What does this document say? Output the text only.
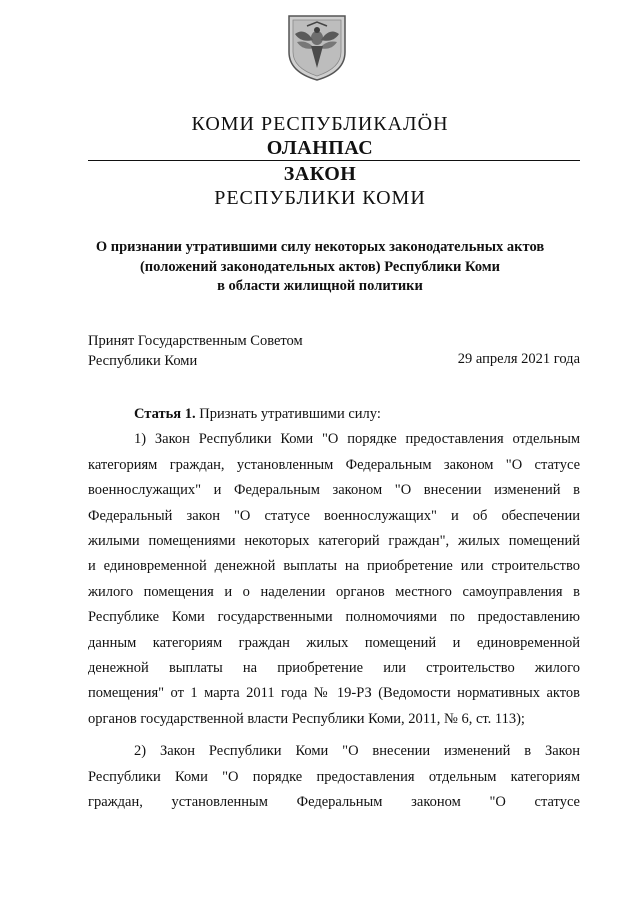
КОМИ РЕСПУБЛИКАЛӦН

ОЛАНПАС

ЗАКОН

РЕСПУБЛИКИ КОМИ

О признании утратившими силу некоторых законодательных актов
(положений законодательных актов) Республики Коми
в области жилищной политики
Принят Государственным Советом
Республики Коми	29 апреля 2021 года

Статья 1. Признать утратившими силу:

1) Закон Республики Коми "О порядке предоставления отдельным

категориям граждан, установленным Федеральным законом "О статусе

военнослужащих" и Федеральным законом "О внесении изменений в

Федеральный закон "О статусе военнослужащих" и об обеспечении

жилыми помещениями некоторых категорий граждан", жилых помещений

и единовременной денежной выплаты на приобретение или строительство

жилого помещения и о наделении органов местного самоуправления в

Республике Коми государственными полномочиями по предоставлению

данным категориям граждан жилых помещений и единовременной

денежной выплаты на приобретение или строительство жилого

помещения" от 1 марта 2011 года № 19-РЗ (Ведомости нормативных актов

органов государственной власти Республики Коми, 2011, № 6, ст. 113);

2) Закон Республики Коми "О внесении изменений в Закон

Республики Коми "О порядке предоставления отдельным категориям

граждан, установленным Федеральным законом "О статусе
